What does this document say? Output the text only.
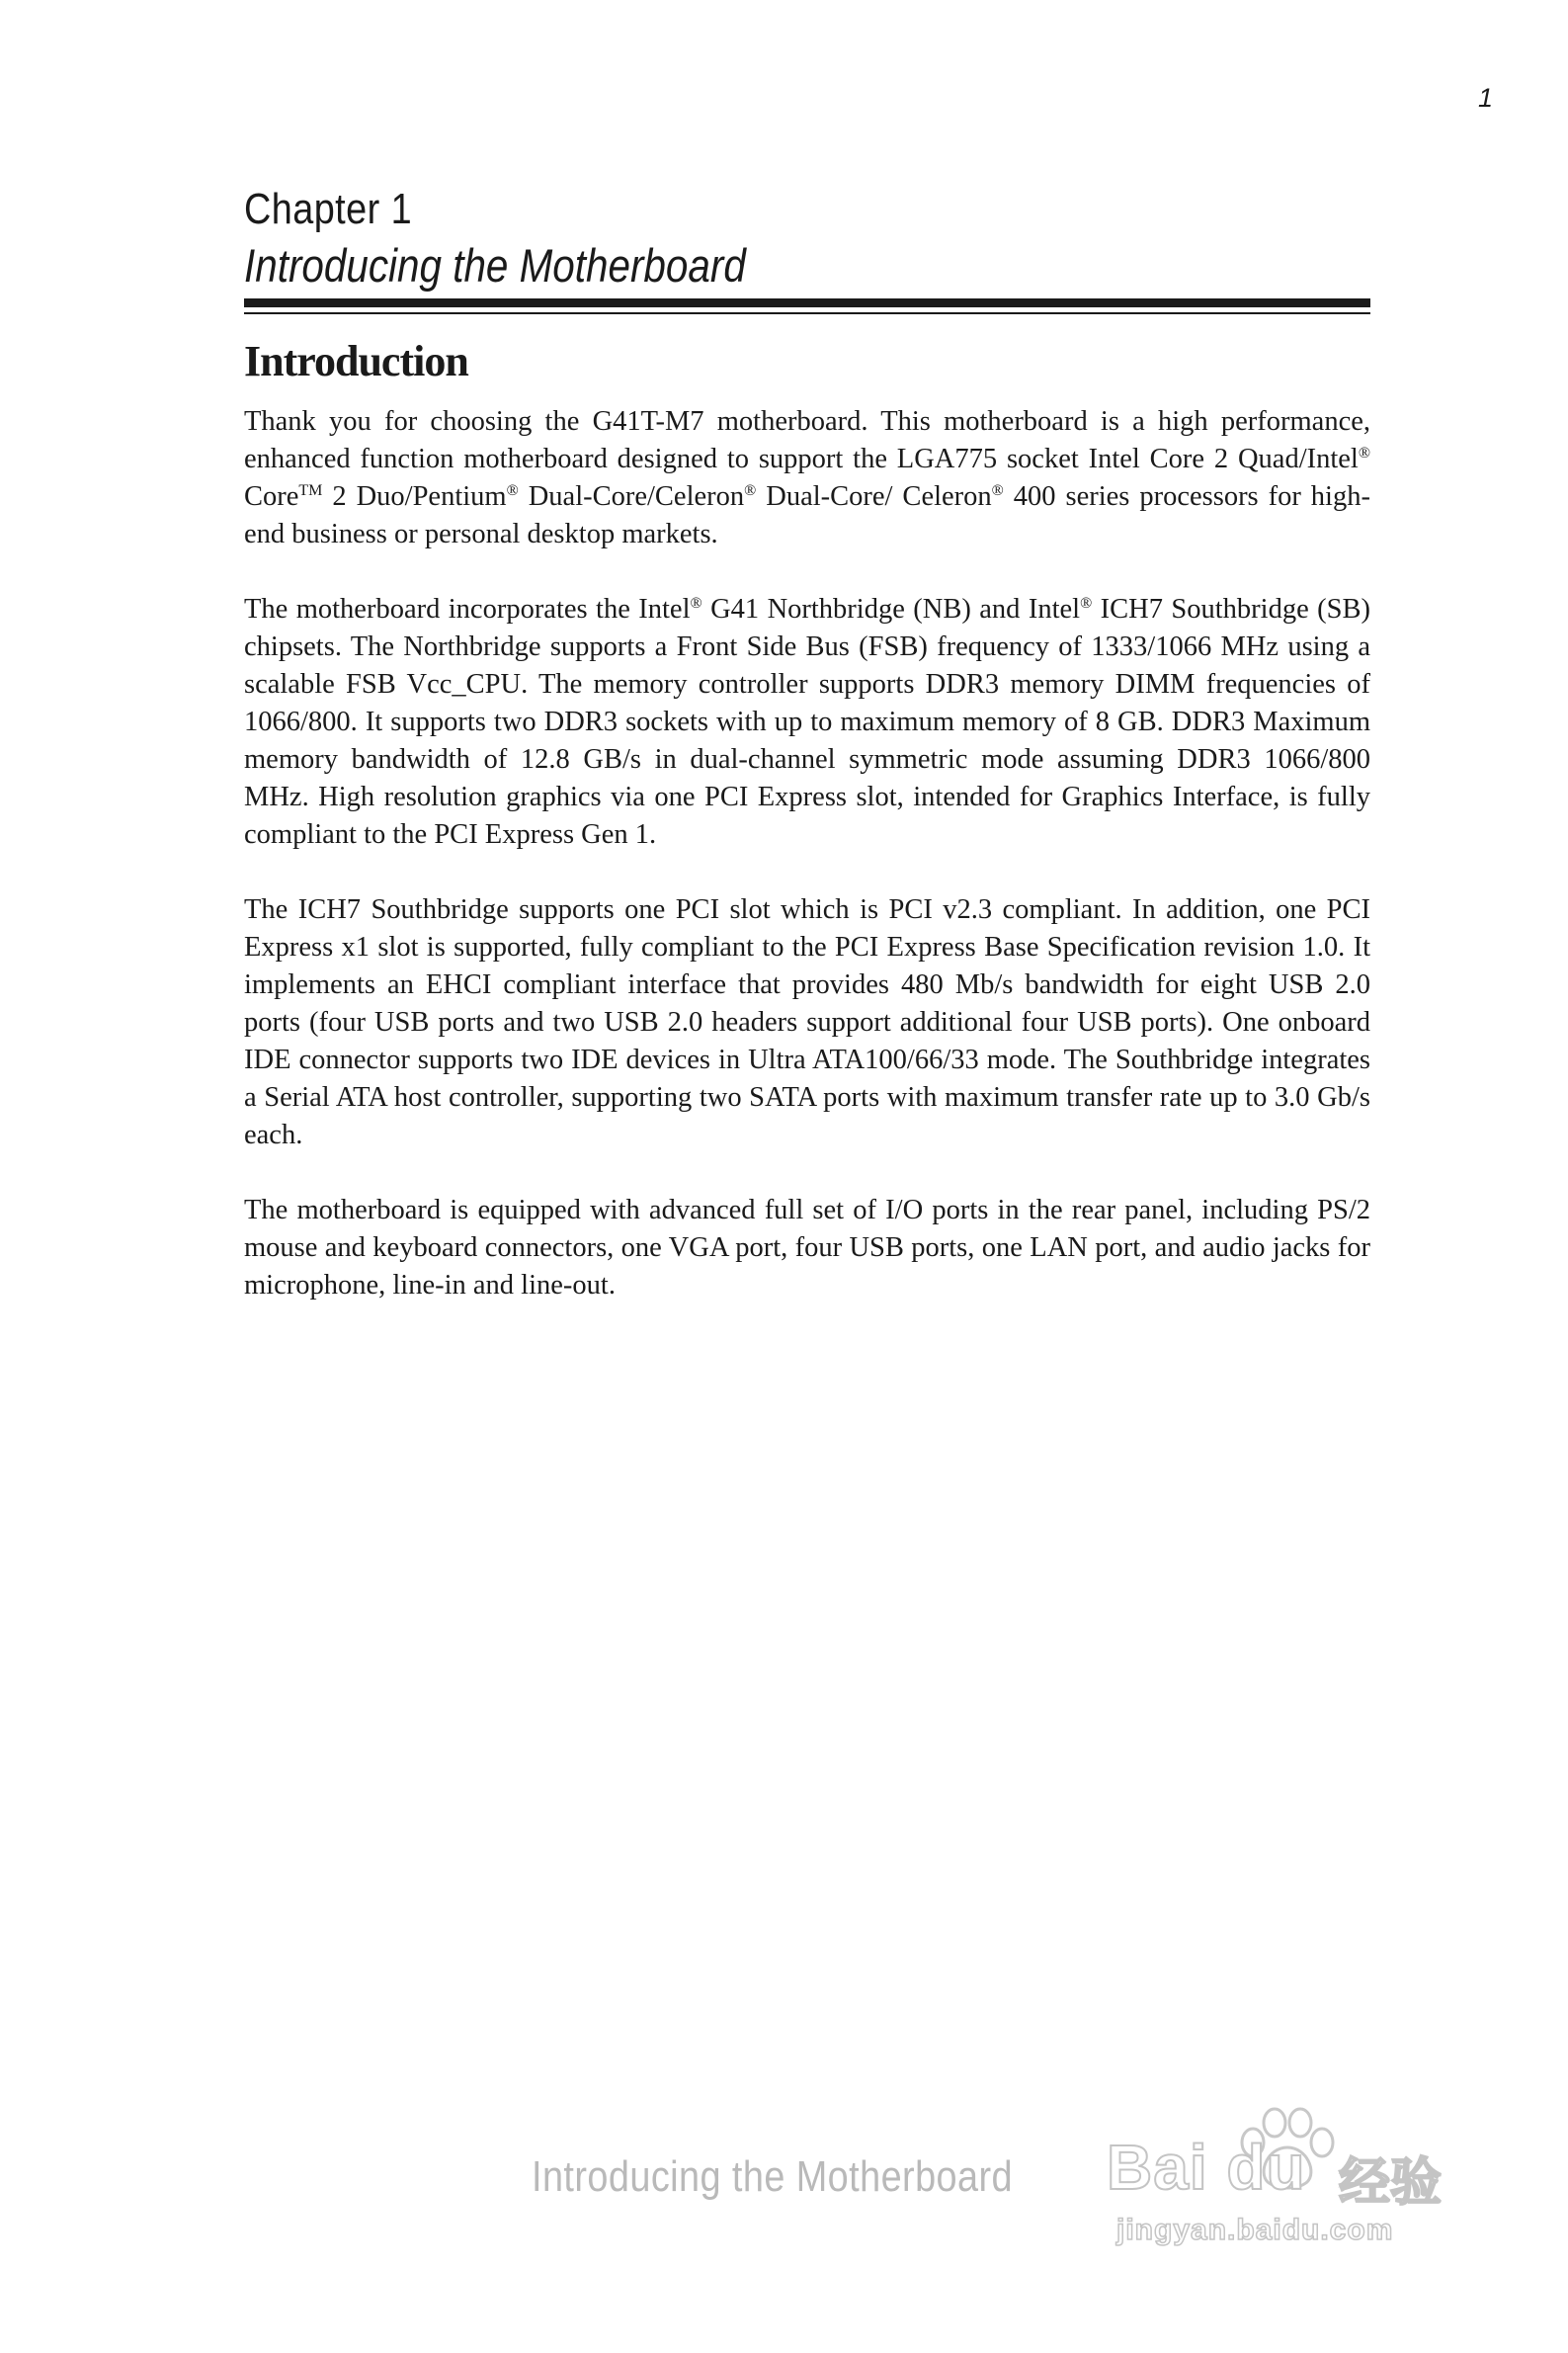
1
Chapter 1
Introducing the Motherboard
Introduction

Thank you for choosing the G41T-M7 motherboard. This motherboard is a high performance, enhanced function motherboard designed to support the LGA775 socket Intel Core 2 Quad/Intel® Core™ 2 Duo/Pentium® Dual-Core/Celeron® Dual-Core/ Celeron® 400 series processors for high-end business or personal desktop markets.

The motherboard incorporates the Intel® G41 Northbridge (NB) and Intel® ICH7 Southbridge (SB) chipsets. The Northbridge supports a Front Side Bus (FSB) frequency of 1333/1066 MHz using a scalable FSB Vcc_CPU. The memory controller supports DDR3 memory DIMM frequencies of 1066/800. It supports two DDR3 sockets with up to maximum memory of 8 GB. DDR3 Maximum memory bandwidth of 12.8 GB/s in dual-channel symmetric mode assuming DDR3 1066/800 MHz. High resolution graphics via one PCI Express slot, intended for Graphics Interface, is fully compliant to the PCI Express Gen 1.

The ICH7 Southbridge supports one PCI slot which is PCI v2.3 compliant. In addition, one PCI Express x1 slot is supported, fully compliant to the PCI Express Base Specification revision 1.0. It implements an EHCI compliant interface that provides 480 Mb/s bandwidth for eight USB 2.0 ports (four USB ports and two USB 2.0 headers support additional four USB ports). One onboard IDE connector supports two IDE devices in Ultra ATA100/66/33 mode. The Southbridge integrates a Serial ATA host controller, supporting two SATA ports with maximum transfer rate up to 3.0 Gb/s each.

The motherboard is equipped with advanced full set of I/O ports in the rear panel, including PS/2 mouse and keyboard connectors, one VGA port, four USB ports, one LAN port, and audio jacks for microphone, line-in and line-out.

Introducing the Motherboard Bai du 经验
jingyan.baidu.com
